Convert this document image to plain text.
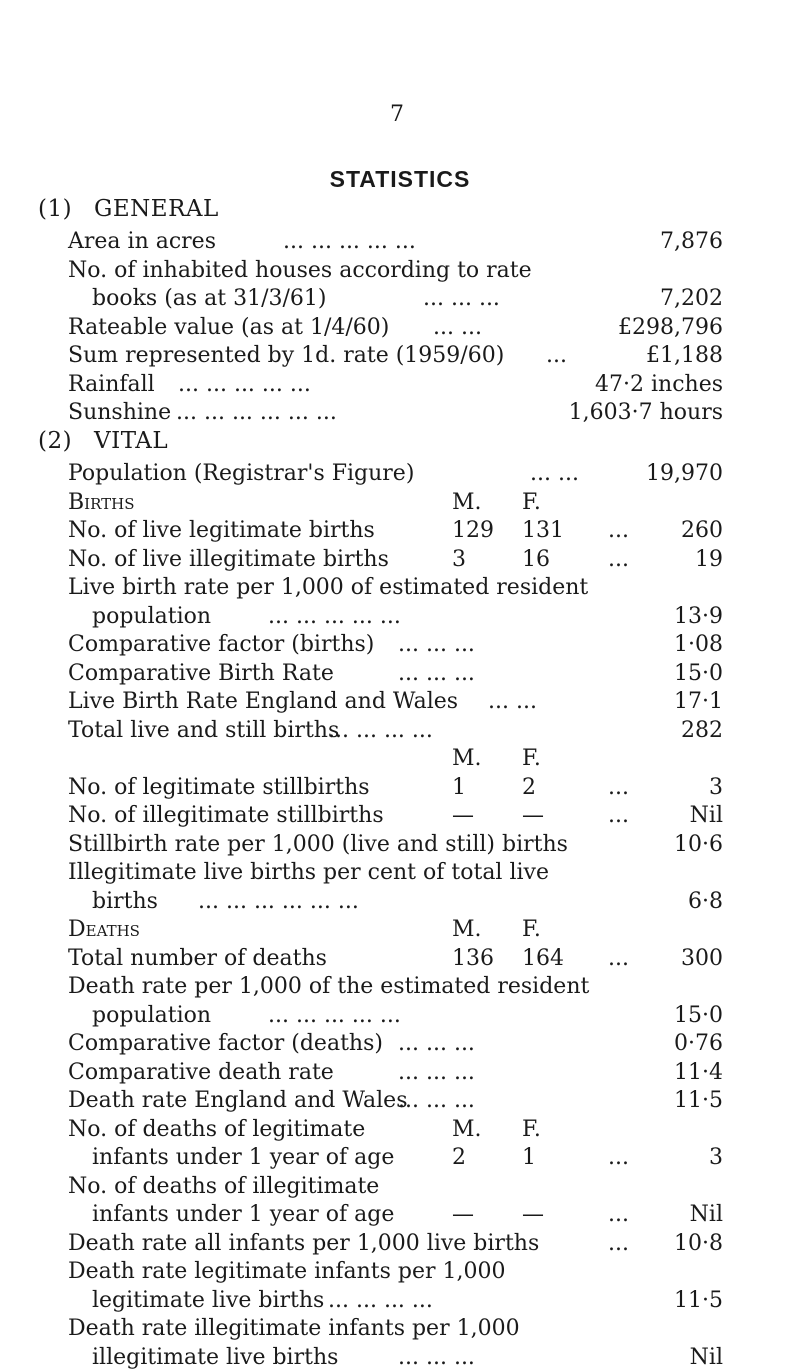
7
STATISTICS
(1) GENERAL
Area in acres	... ... ... ... ...	7,876
No. of inhabited houses according to rate
books (as at 31/3/61)	... ... ...	7,202
Rateable value (as at 1/4/60) ... ...	£298,796
Sum represented by 1d. rate (1959/60) ...	£1,188
Rainfall ... ... ... ... ...	47·2 inches
Sunshine ... ... ... ... ... ...	1,603·7 hours
(2) VITAL
Population (Registrar's Figure)	... ...	19,970
Births	M. F.
No. of live legitimate births	129 131 ... 260
No. of live illegitimate births	3	16	...	19
Live birth rate per 1,000 of estimated resident
population	... ... ... ... ...	13·9
Comparative factor (births) ... ... ...	1·08
Comparative Birth Rate	... ... ...	15·0
Live Birth Rate England and Wales ... ...	17·1
Total live and still births
... ... ... ...	282
M. F.
No. of legitimate stillbirths	1	2	...	3
No. of illegitimate stillbirths	— —	...	Nil
Stillbirth rate per 1,000 (live and still) births	10·6
Illegitimate live births per cent of total live
births ... ... ... ... ... ...	6·8
Deaths	M. F.
Total number of deaths	136 164 ... 300
Death rate per 1,000 of the estimated resident
population	... ... ... ... ...	15·0
Comparative factor (deaths) ... ... ...	0·76
Comparative death rate	... ... ...	11·4
Death rate England and Wales
... ... ...	11·5
No. of deaths of legitimate	M. F.
infants under 1 year of age	2	1	...	3
No. of deaths of illegitimate
infants under 1 year of age	— —	...	Nil
Death rate all infants per 1,000 live births	... 10·8
Death rate legitimate infants per 1,000
legitimate live births ... ... ... ...	11·5
Death rate illegitimate infants per 1,000
illegitimate live births	... ... ...	Nil
